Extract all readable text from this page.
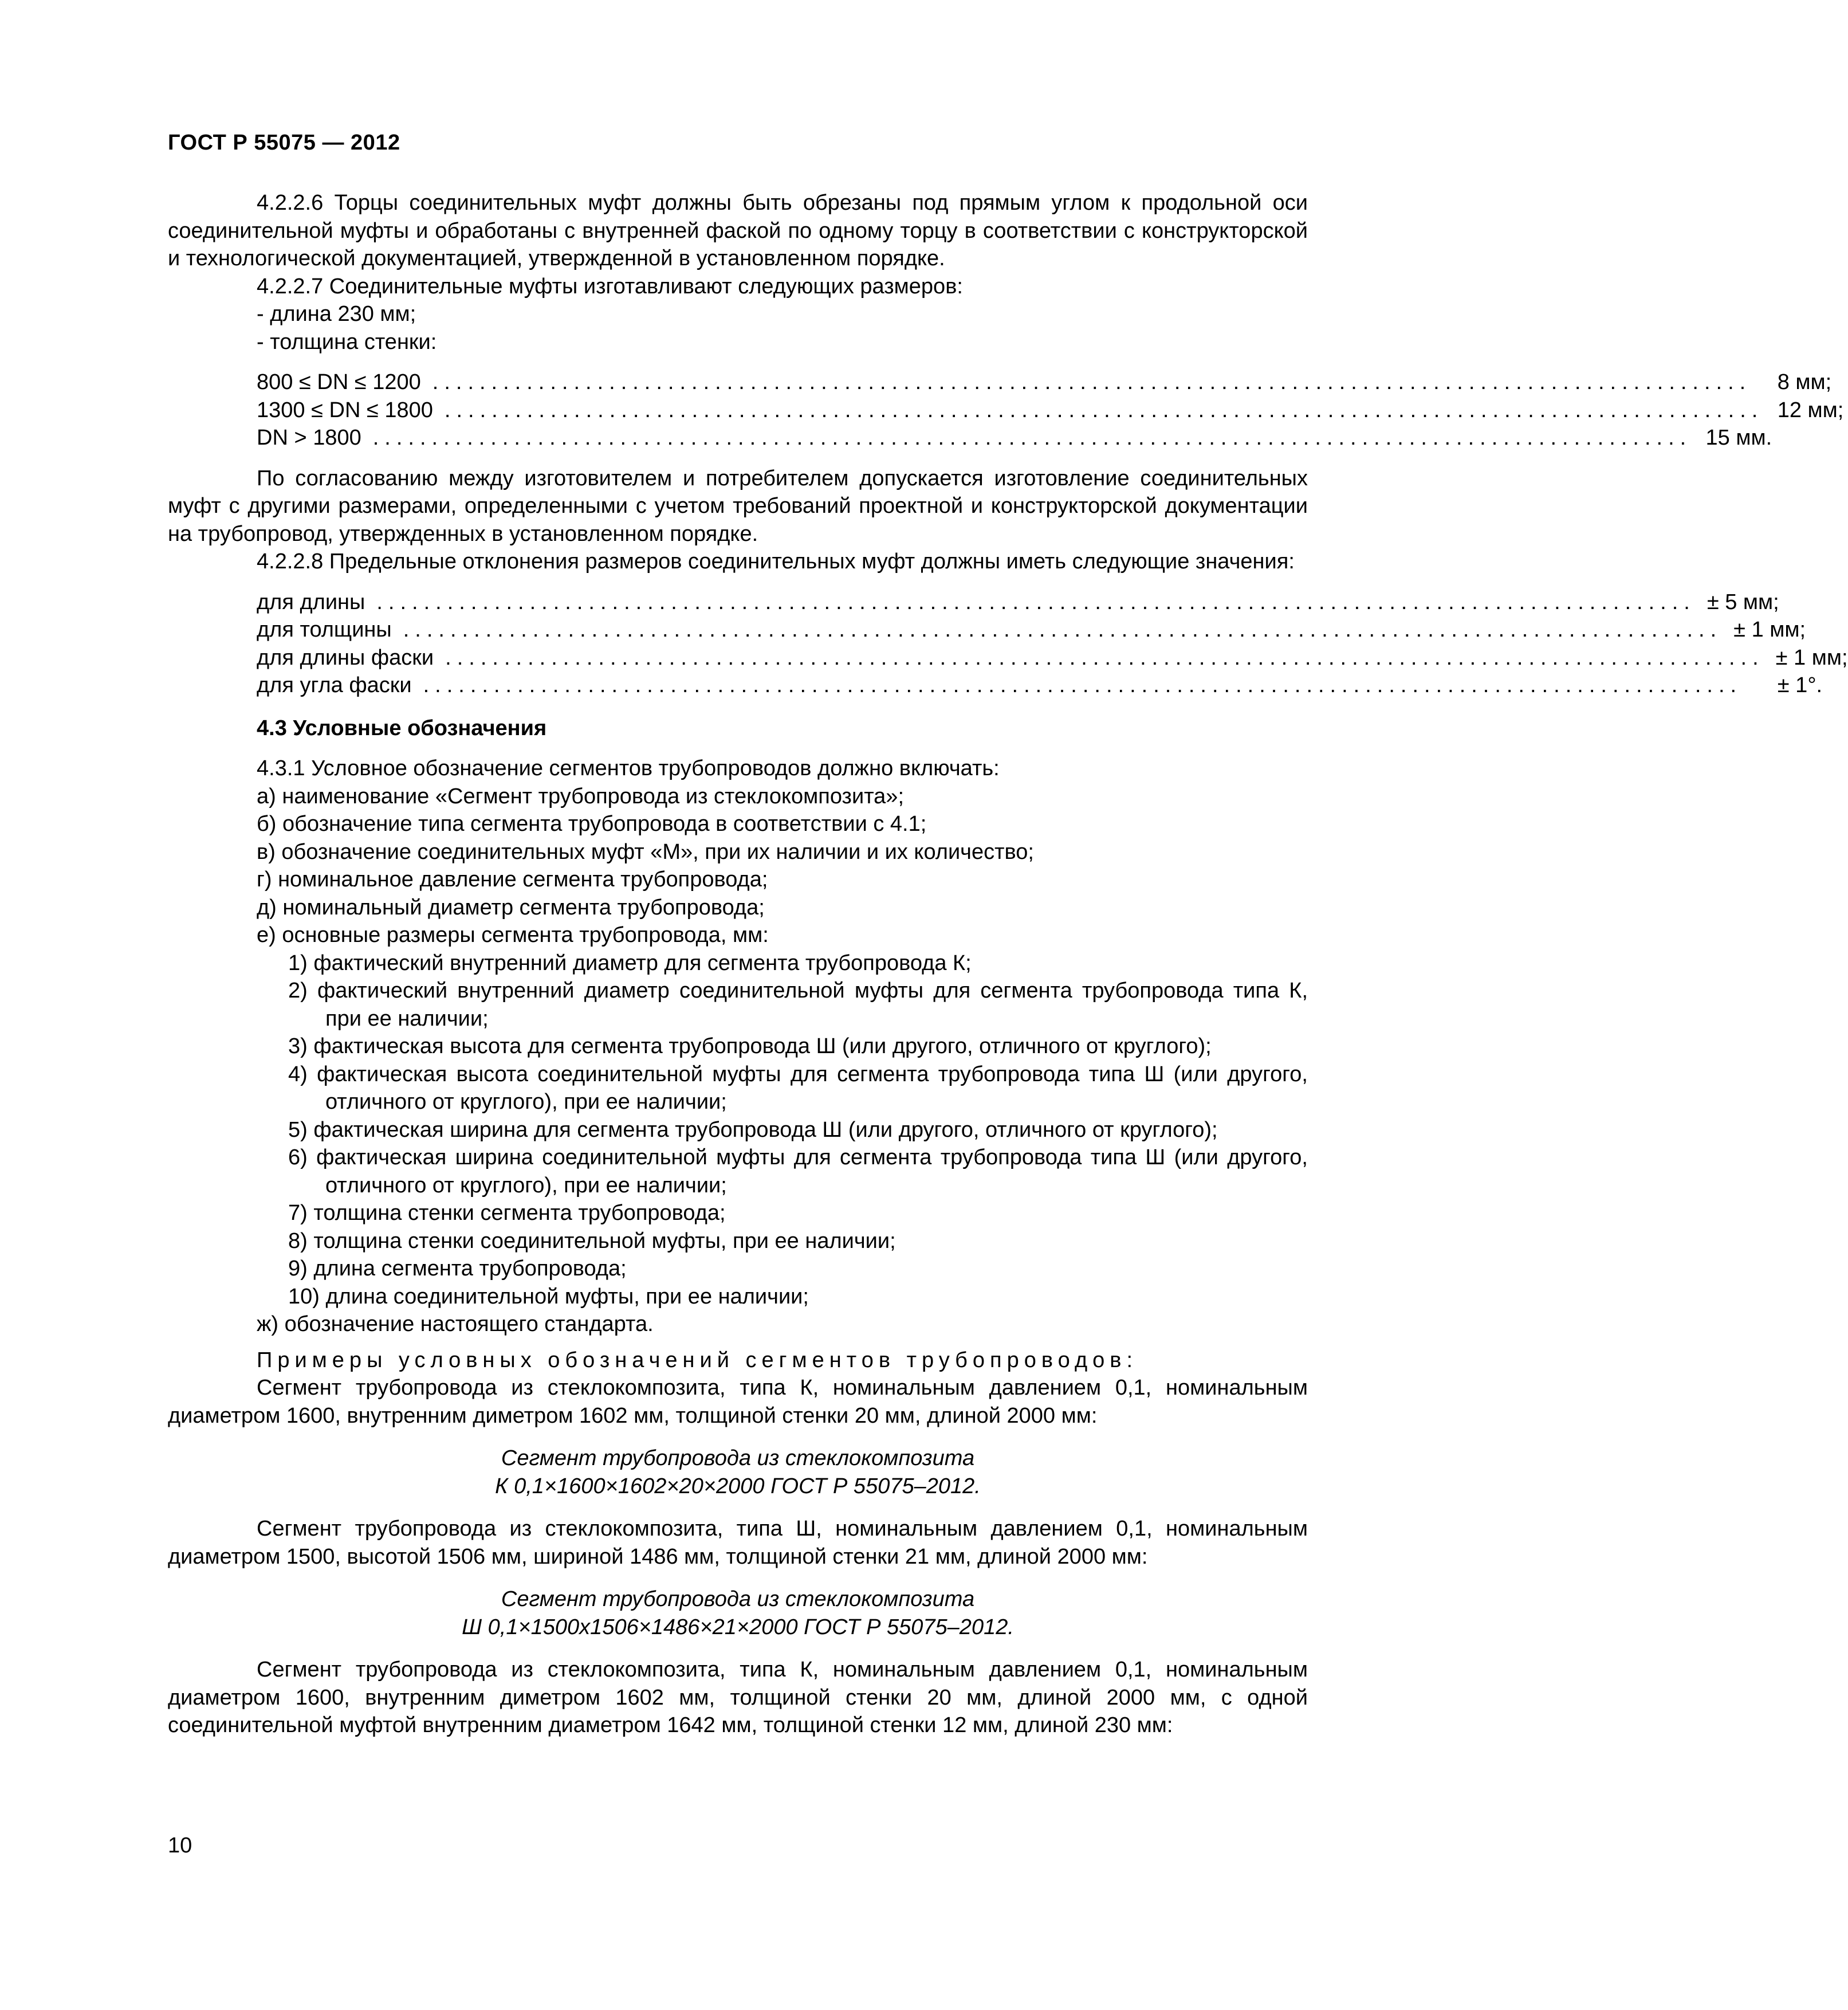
ГОСТ Р 55075 — 2012

4.2.2.6 Торцы соединительных муфт должны быть обрезаны под прямым углом к продольной оси соединительной муфты и обработаны с внутренней фаской по одному торцу в соответствии с конструкторской и технологической документацией, утвержденной в установленном порядке.

4.2.2.7 Соединительные муфты изготавливают следующих размеров:

- длина 230 мм;

- толщина стенки:

800 ≤ DN ≤ 1200 ................................................................................................................	8 мм;
1300 ≤ DN ≤ 1800 ................................................................................................................ 12 мм;
DN > 1800 ................................................................................................................ 15 мм.

По согласованию между изготовителем и потребителем допускается изготовление соединительных муфт с другими размерами, определенными с учетом требований проектной и конструкторской документации на трубопровод, утвержденных в установленном порядке.

4.2.2.8 Предельные отклонения размеров соединительных муфт должны иметь следующие значения:

для длины ................................................................................................................ ± 5 мм;
для толщины ................................................................................................................ ± 1 мм;
для длины фаски ................................................................................................................ ± 1 мм;
для угла фаски ................................................................................................................	± 1°.

4.3 Условные обозначения

4.3.1 Условное обозначение сегментов трубопроводов должно включать:

а) наименование «Сегмент трубопровода из стеклокомпозита»;

б) обозначение типа сегмента трубопровода в соответствии с 4.1;

в) обозначение соединительных муфт «М», при их наличии и их количество;

г) номинальное давление сегмента трубопровода;

д) номинальный диаметр сегмента трубопровода;

е) основные размеры сегмента трубопровода, мм:

1) фактический внутренний диаметр для сегмента трубопровода К;

2) фактический внутренний диаметр соединительной муфты для сегмента трубопровода типа К, при ее наличии;

3) фактическая высота для сегмента трубопровода Ш (или другого, отличного от круглого);

4) фактическая высота соединительной муфты для сегмента трубопровода типа Ш (или другого, отличного от круглого), при ее наличии;

5) фактическая ширина для сегмента трубопровода Ш (или другого, отличного от круглого);

6) фактическая ширина соединительной муфты для сегмента трубопровода типа Ш (или другого, отличного от круглого), при ее наличии;

7) толщина стенки сегмента трубопровода;

8) толщина стенки соединительной муфты, при ее наличии;

9) длина сегмента трубопровода;

10) длина соединительной муфты, при ее наличии;

ж) обозначение настоящего стандарта.

Примеры условных обозначений сегментов трубопроводов:

Сегмент трубопровода из стеклокомпозита, типа К, номинальным давлением 0,1, номинальным диаметром 1600, внутренним диметром 1602 мм, толщиной стенки 20 мм, длиной 2000 мм:

Сегмент трубопровода из стеклокомпозита
К 0,1×1600×1602×20×2000 ГОСТ Р 55075–2012.

Сегмент трубопровода из стеклокомпозита, типа Ш, номинальным давлением 0,1, номинальным диаметром 1500, высотой 1506 мм, шириной 1486 мм, толщиной стенки 21 мм, длиной 2000 мм:

Сегмент трубопровода из стеклокомпозита
Ш 0,1×1500x1506×1486×21×2000 ГОСТ Р 55075–2012.

Сегмент трубопровода из стеклокомпозита, типа К, номинальным давлением 0,1, номинальным диаметром 1600, внутренним диметром 1602 мм, толщиной стенки 20 мм, длиной 2000 мм, с одной соединительной муфтой внутренним диаметром 1642 мм, толщиной стенки 12 мм, длиной 230 мм:

10
